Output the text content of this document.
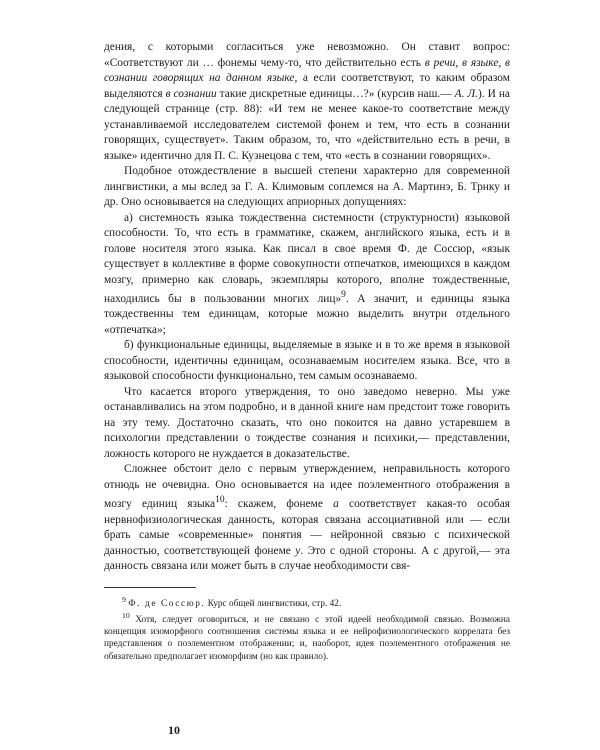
дения, с которыми согласиться уже невозможно. Он ставит вопрос: «Соответствуют ли … фонемы чему-то, что действительно есть в речи, в языке, в сознании говорящих на данном языке, а если соответствуют, то каким образом выделяются в сознании такие дискретные единицы…?» (курсив наш.— А. Л.). И на следующей странице (стр. 88): «И тем не менее какое-то соответствие между устанавливаемой исследователем системой фонем и тем, что есть в сознании говорящих, существует». Таким образом, то, что «действительно есть в речи, в языке» идентично для П. С. Кузнецова с тем, что «есть в сознании говорящих».

Подобное отождествление в высшей степени характерно для современной лингвистики, а мы вслед за Г. А. Климовым соплемся на А. Мартинэ, Б. Трнку и др. Оно основывается на следующих априорных допущениях:

а) системность языка тождественна системности (структурности) языковой способности. То, что есть в грамматике, скажем, английского языка, есть и в голове носителя этого языка. Как писал в свое время Ф. де Соссюр, «язык существует в коллективе в форме совокупности отпечатков, имеющихся в каждом мозгу, примерно как словарь, экземпляры которого, вполне тождественные, находились бы в пользовании многих лиц»$^9$. А значит, и единицы языка тождественны тем единицам, которые можно выделить внутри отдельного «отпечатка»;

б) функциональные единицы, выделяемые в языке и в то же время в языковой способности, идентичны единицам, осознаваемым носителем языка. Все, что в языковой способности функционально, тем самым осознаваемо.

Что касается второго утверждения, то оно заведомо неверно. Мы уже останавливались на этом подробно, и в данной книге нам предстоит тоже говорить на эту тему. Достаточно сказать, что оно покоится на давно устаревшем в психологии представлении о тождестве сознания и психики,— представлении, ложность которого не нуждается в доказательстве.

Сложнее обстоит дело с первым утверждением, неправильность которого отнюдь не очевидна. Оно основывается на идее поэлементного отображения в мозгу единиц языка$^{10}$: скажем, фонеме а соответствует какая-то особая нервнофизиологическая данность, которая связана ассоциативной или — если брать самые «современные» понятия — нейронной связью с психической данностью, соответствующей фонеме у. Это с одной стороны. А с другой,— эта данность связана или может быть в случае необходимости свя-

$^9$ Ф. де Соссюр. Курс общей лингвистики, стр. 42.

$^{10}$ Хотя, следует оговориться, и не связано с этой идеей необходимой связью. Возможна концепция изоморфного соотношения системы языка и ее нейрофизиологического коррелата без представления о поэлементном отображении; и, наоборот, идея поэлементного отображения не обязательно предполагает изоморфизм (но как правило).

10
